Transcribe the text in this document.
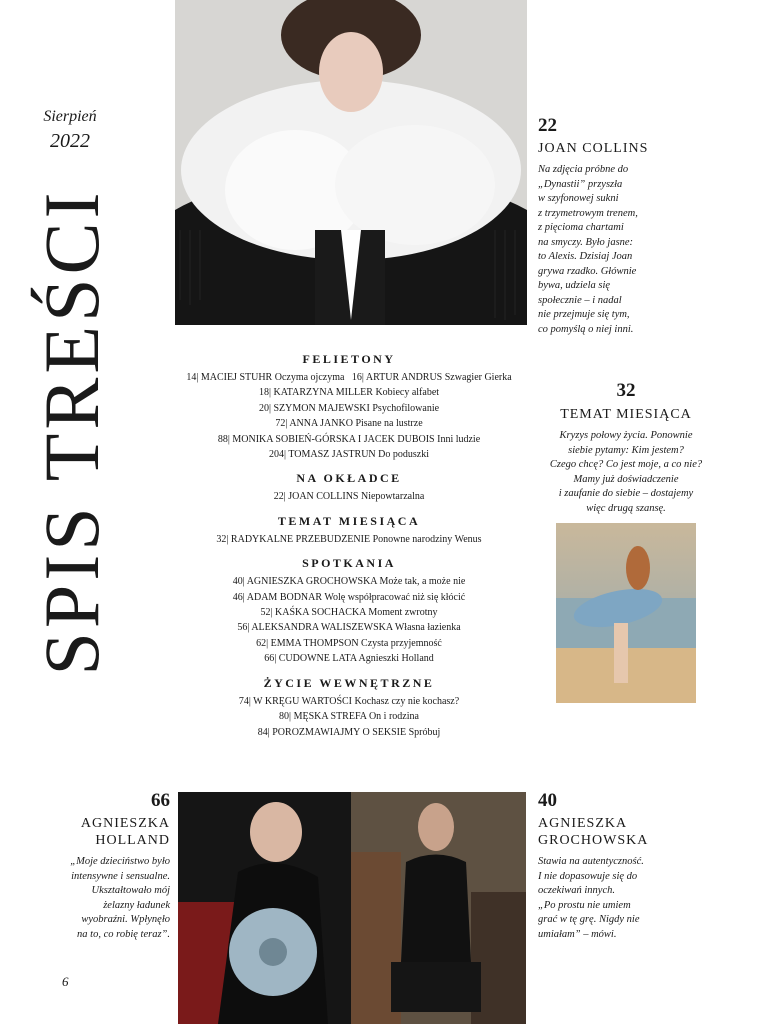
Sierpień
2022
SPIS TREŚCI
22
JOAN COLLINS
Na zdjęcia próbne do
„Dynastii” przyszła
w szyfonowej sukni
z trzymetrowym trenem,
z pięcioma chartami
na smyczy. Było jasne:
to Alexis. Dzisiaj Joan
grywa rzadko. Głównie
bywa, udziela się
społecznie – i nadal
nie przejmuje się tym,
co pomyślą o niej inni.
32
TEMAT MIESIĄCA
Kryzys połowy życia. Ponownie
siebie pytamy: Kim jestem?
Czego chcę? Co jest moje, a co nie?
Mamy już doświadczenie
i zaufanie do siebie – dostajemy
więc drugą szansę.
FELIETONY
14| MACIEJ STUHR Oczyma ojczyma 16| ARTUR ANDRUS Szwagier Gierka
18| KATARZYNA MILLER Kobiecy alfabet
20| SZYMON MAJEWSKI Psychofilowanie
72| ANNA JANKO Pisane na lustrze
88| MONIKA SOBIEŃ-GÓRSKA I JACEK DUBOIS Inni ludzie
204| TOMASZ JASTRUN Do poduszki
NA OKŁADCE
22| JOAN COLLINS Niepowtarzalna
TEMAT MIESIĄCA
32| RADYKALNE PRZEBUDZENIE Ponowne narodziny Wenus
SPOTKANIA
40| AGNIESZKA GROCHOWSKA Może tak, a może nie
46| ADAM BODNAR Wolę współpracować niż się kłócić
52| KAŚKA SOCHACKA Moment zwrotny
56| ALEKSANDRA WALISZEWSKA Własna łazienka
62| EMMA THOMPSON Czysta przyjemność
66| CUDOWNE LATA Agnieszki Holland
ŻYCIE WEWNĘTRZNE
74| W KRĘGU WARTOŚCI Kochasz czy nie kochasz?
80| MĘSKA STREFA On i rodzina
84| POROZMAWIAJMY O SEKSIE Spróbuj
66
AGNIESZKA
HOLLAND
„Moje dzieciństwo było
intensywne i sensualne.
Ukształtowało mój
żelazny ładunek
wyobraźni. Wpłynęło
na to, co robię teraz”.
40
AGNIESZKA
GROCHOWSKA
Stawia na autentyczność.
I nie dopasowuje się do
oczekiwań innych.
„Po prostu nie umiem
grać w tę grę. Nigdy nie
umiałam” – mówi.
6
